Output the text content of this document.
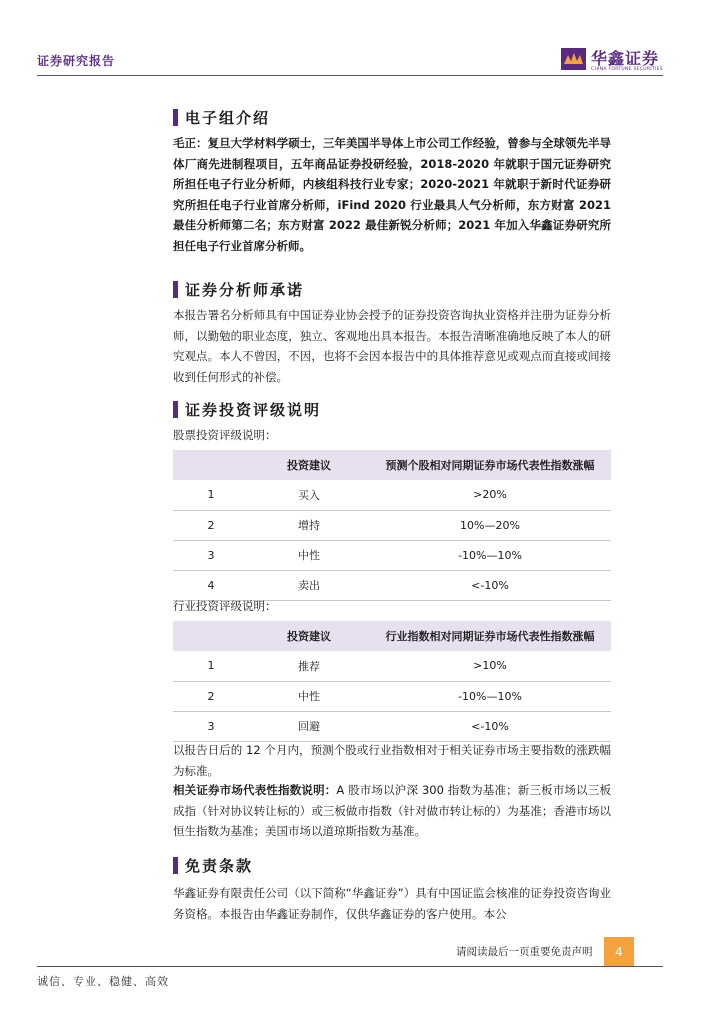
证券研究报告	华鑫证券
CHINA FORTUNE SECURITIES
电子组介绍
毛正：复旦大学材料学硕士，三年美国半导体上市公司工作经验，曾参与全球领先半导体厂商先进制程项目，五年商品证券投研经验，2018-2020 年就职于国元证券研究所担任电子行业分析师，内核组科技行业专家；2020-2021 年就职于新时代证券研究所担任电子行业首席分析师，iFind 2020 行业最具人气分析师，东方财富 2021 最佳分析师第二名；东方财富 2022 最佳新锐分析师；2021 年加入华鑫证券研究所担任电子行业首席分析师。
证券分析师承诺
本报告署名分析师具有中国证券业协会授予的证券投资咨询执业资格并注册为证券分析师，以勤勉的职业态度，独立、客观地出具本报告。本报告清晰准确地反映了本人的研究观点。本人不曾因，不因，也将不会因本报告中的具体推荐意见或观点而直接或间接收到任何形式的补偿。
证券投资评级说明
股票投资评级说明：
	投资建议	预测个股相对同期证券市场代表性指数涨幅
1	买入	>20%
2	增持	10%—20%
3	中性	-10%—10%
4	卖出	<-10%
行业投资评级说明：
	投资建议	行业指数相对同期证券市场代表性指数涨幅
1	推荐	>10%
2	中性	-10%—10%
3	回避	<-10%
以报告日后的 12 个月内，预测个股或行业指数相对于相关证券市场主要指数的涨跌幅为标准。
相关证券市场代表性指数说明：A 股市场以沪深 300 指数为基准；新三板市场以三板成指（针对协议转让标的）或三板做市指数（针对做市转让标的）为基准；香港市场以恒生指数为基准；美国市场以道琼斯指数为基准。
免责条款
华鑫证券有限责任公司（以下简称“华鑫证券”）具有中国证监会核准的证券投资咨询业务资格。本报告由华鑫证券制作，仅供华鑫证券的客户使用。本公
请阅读最后一页重要免责声明	4
诚信、专业、稳健、高效
